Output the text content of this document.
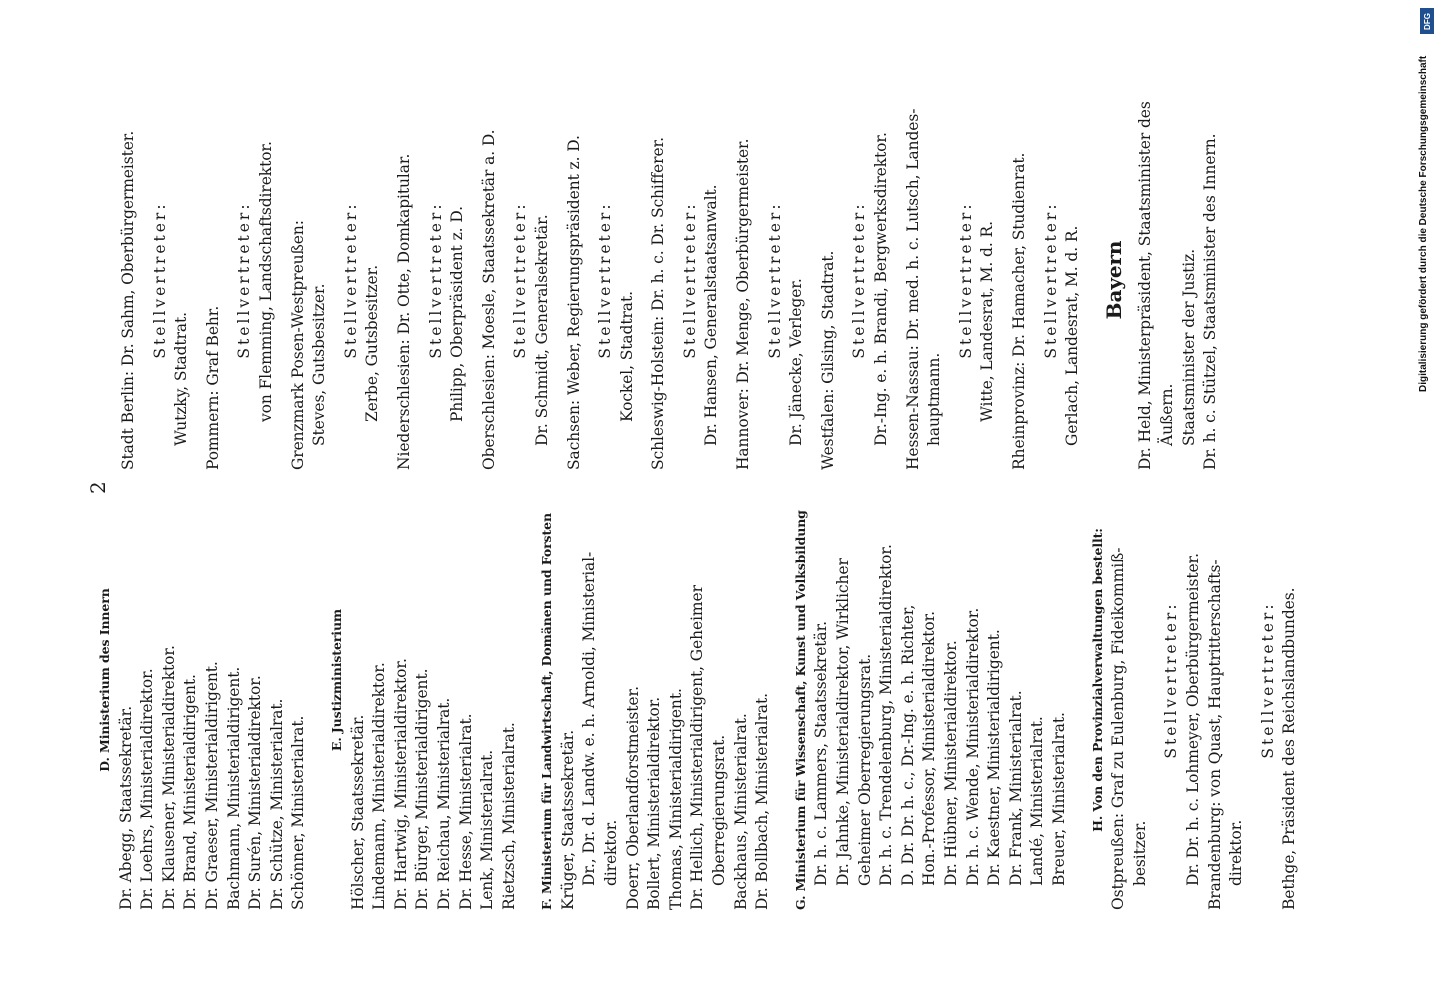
2
D. Ministerium des Innern
Dr. Abegg, Staatssekretär. Dr. Loehrs, Ministerialdirektor. Dr. Klausener, Ministerialdirektor. Dr. Brand, Ministerialdirigent. Dr. Graeser, Ministerialdirigent. Bachmann, Ministerialdirigent. Dr. Surén, Ministerialdirektor. Dr. Schütze, Ministerialrat. Schönner, Ministerialrat.
E. Justizministerium
Hölscher, Staatssekretär. Lindemann, Ministerialdirektor. Dr. Hartwig, Ministerialdirektor. Dr. Bürger, Ministerialdirigent. Dr. Reichau, Ministerialrat. Dr. Hesse, Ministerialrat. Lenk, Ministerialrat. Rietzsch, Ministerialrat. F. Ministerium für Landwirtschaft, Domänen und Forsten Krüger, Staatssekretär. Dr., Dr. d. Landw. e. h. Arnoldi, Ministerial- direktor. Doerr, Oberlandforstmeister. Bollert, Ministerialdirektor. Thomas, Ministerialdirigent. Dr. Hellich, Ministerialdirigent, Geheimer Oberregierungsrat. Backhaus, Ministerialrat. Dr. Bollbach, Ministerialrat. G. Ministerium für Wissenschaft, Kunst und Volksbildung Dr. h. c. Lammers, Staatssekretär. Dr. Jahnke, Ministerialdirektor, Wirklicher Geheimer Oberregierungsrat. Dr. h. c. Trendelenburg, Ministerialdirektor. D. Dr. Dr. h. c., Dr.-Ing. e. h. Richter, Hon.-Professor, Ministerialdirektor. Dr. Hübner, Ministerialdirektor. Dr. h. c. Wende, Ministerialdirektor. Dr. Kaestner, Ministerialdirigent. Dr. Frank, Ministerialrat. Landé, Ministerialrat. Breuer, Ministerialrat. H. Von den Provinzialverwaltungen bestellt: Ostpreußen: Graf zu Eulenburg, Fideikommiß- besitzer.
Stellvertreter: Dr. Dr. h. c. Lohmeyer, Oberbürgermeister. Brandenburg: von Quast, Hauptritterschafts- direktor.
Stellvertreter: Bethge, Präsident des Reichslandbundes.
Stadt Berlin: Dr. Sahm, Oberbürgermeister. Stellvertreter:
Wutzky, Stadtrat. Pommern: Graf Behr.
Stellvertreter: von Flemming, Landschaftsdirektor. Grenzmark Posen-Westpreußen: Steves, Gutsbesitzer.
Stellvertreter: Zerbe, Gutsbesitzer. Niederschlesien: Dr. Otte, Domkapitular. Stellvertreter: Philipp, Oberpräsident z. D. Oberschlesien: Moesle, Staatssekretär a. D. Stellvertreter: Dr. Schmidt, Generalsekretär. Sachsen: Weber, Regierungspräsident z. D. Stellvertreter: Kockel, Stadtrat. Schleswig-Holstein: Dr. h. c. Dr. Schifferer. Stellvertreter: Dr. Hansen, Generalstaatsanwalt. Hannover: Dr. Menge, Oberbürgermeister. Stellvertreter: Dr. Jänecke, Verleger. Westfalen: Gilsing, Stadtrat. Stellvertreter: Dr.-Ing. e. h. Brandi, Bergwerksdirektor. Hessen-Nassau: Dr. med. h. c. Lutsch, Landes- hauptmann.
Stellvertreter: Witte, Landesrat, M. d. R. Rheinprovinz: Dr. Hamacher, Studienrat. Stellvertreter: Gerlach, Landesrat, M. d. R. Bayern Dr. Held, Ministerpräsident, Staatsminister des Äußern. Staatsminister der Justiz. Dr. h. c. Stützel, Staatsminister des Innern.
DFG
Digitalisierung gefördert durch die Deutsche Forschungsgemeinschaft
